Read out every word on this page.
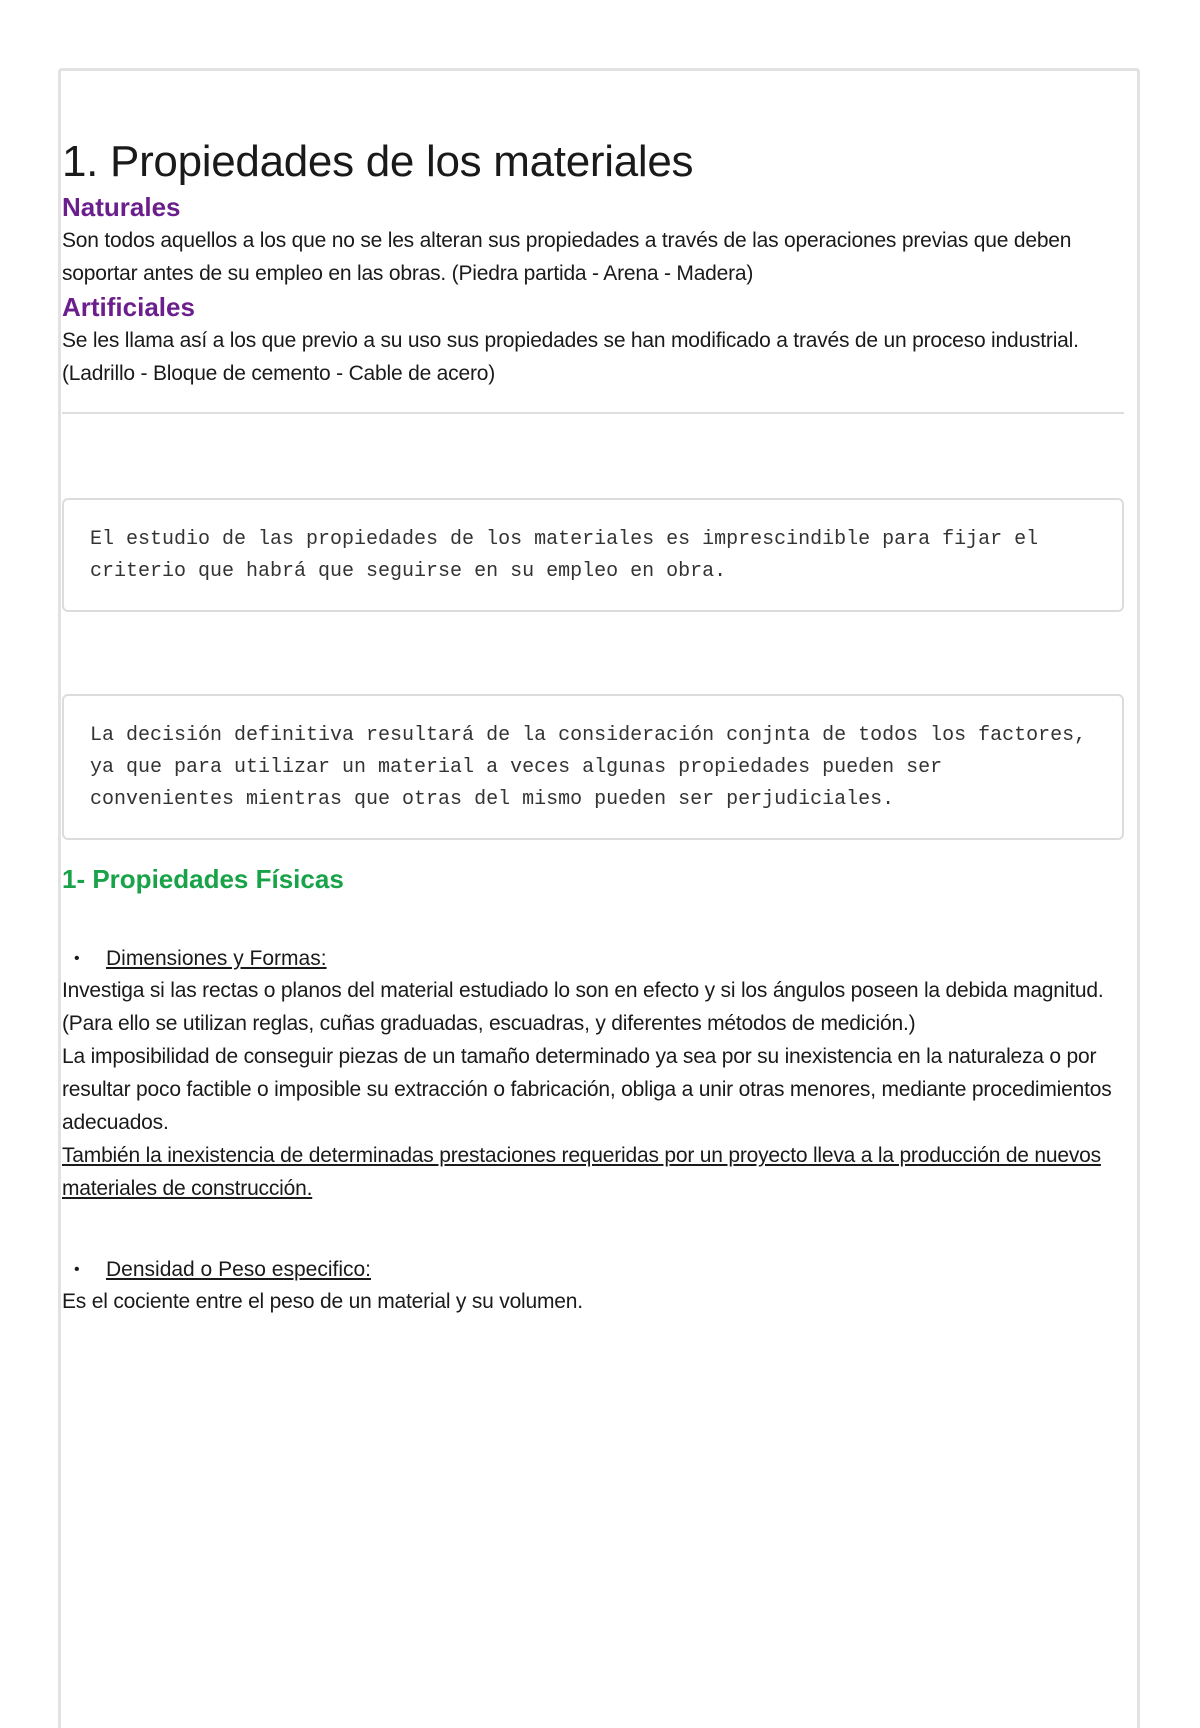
1. Propiedades de los materiales
Naturales

Son todos aquellos a los que no se les alteran sus propiedades a través de las operaciones previas que deben soportar antes de su empleo en las obras. (Piedra partida - Arena - Madera)

Artificiales

Se les llama así a los que previo a su uso sus propiedades se han modificado a través de un proceso industrial. (Ladrillo - Bloque de cemento - Cable de acero)

El estudio de las propiedades de los materiales es imprescindible para fijar el criterio que habrá que seguirse en su empleo en obra.
La decisión definitiva resultará de la consideración conjnta de todos los factores, ya que para utilizar un material a veces algunas propiedades pueden ser convenientes mientras que otras del mismo pueden ser perjudiciales.
1- Propiedades Físicas
•	Dimensiones y Formas:

Investiga si las rectas o planos del material estudiado lo son en efecto y si los ángulos poseen la debida magnitud. (Para ello se utilizan reglas, cuñas graduadas, escuadras, y diferentes métodos de medición.)

La imposibilidad de conseguir piezas de un tamaño determinado ya sea por su inexistencia en la naturaleza o por resultar poco factible o imposible su extracción o fabricación, obliga a unir otras menores, mediante procedimientos adecuados.

También la inexistencia de determinadas prestaciones requeridas por un proyecto lleva a la producción de nuevos materiales de construcción.

•	Densidad o Peso especifico:

Es el cociente entre el peso de un material y su volumen.
